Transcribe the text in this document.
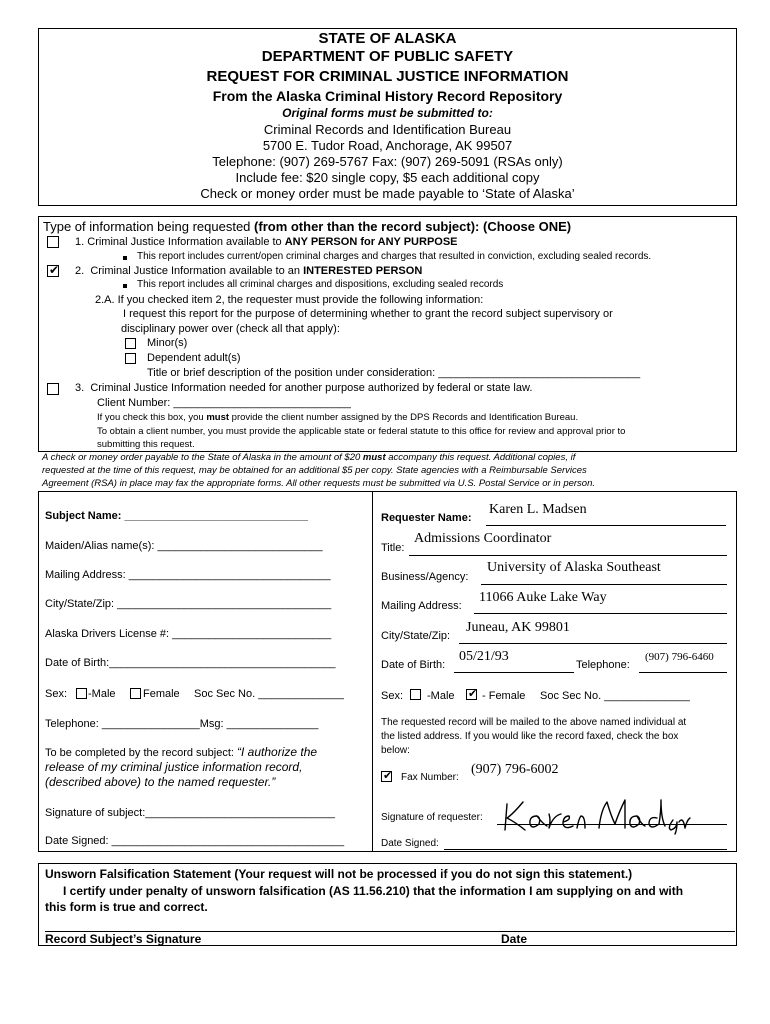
STATE OF ALASKA
DEPARTMENT OF PUBLIC SAFETY
REQUEST FOR CRIMINAL JUSTICE INFORMATION
From the Alaska Criminal History Record Repository
Original forms must be submitted to:
Criminal Records and Identification Bureau
5700 E. Tudor Road, Anchorage, AK 99507
Telephone: (907) 269-5767 Fax: (907) 269-5091 (RSAs only)
Include fee: $20 single copy, $5 each additional copy
Check or money order must be made payable to ‘State of Alaska’
Type of information being requested (from other than the record subject): (Choose ONE)
1. Criminal Justice Information available to ANY PERSON for ANY PURPOSE
This report includes current/open criminal charges and charges that resulted in conviction, excluding sealed records.
✔ 2. Criminal Justice Information available to an INTERESTED PERSON
This report includes all criminal charges and dispositions, excluding sealed records
2.A. If you checked item 2, the requester must provide the following information:
I request this report for the purpose of determining whether to grant the record subject supervisory or
disciplinary power over (check all that apply):
Minor(s)
Dependent adult(s)
Title or brief description of the position under consideration: _________________________________
3. Criminal Justice Information needed for another purpose authorized by federal or state law.
Client Number: _____________________________
If you check this box, you must provide the client number assigned by the DPS Records and Identification Bureau.
To obtain a client number, you must provide the applicable state or federal statute to this office for review and approval prior to
submitting this request.
A check or money order payable to the State of Alaska in the amount of $20 must accompany this request. Additional copies, if
requested at the time of this request, may be obtained for an additional $5 per copy. State agencies with a Reimbursable Services
Agreement (RSA) in place may fax the appropriate forms. All other requests must be submitted via U.S. Postal Service or in person.
Subject Name: ______________________________
Maiden/Alias name(s): ___________________________
Mailing Address: _________________________________
City/State/Zip: ___________________________________
Alaska Drivers License #: __________________________
Date of Birth:_____________________________________
Sex: -Male Female Soc Sec No. ______________
Telephone: ________________Msg: _______________
To be completed by the record subject: “I authorize the
release of my criminal justice information record,
(described above) to the named requester.”
Signature of subject:_______________________________
Date Signed: ______________________________________
Requester Name:
Karen L. Madsen
Title:
Admissions Coordinator
Business/Agency:
University of Alaska Southeast
Mailing Address:
11066 Auke Lake Way
City/State/Zip:
Juneau, AK 99801
Date of Birth:
05/21/93
Telephone:
(907) 796-6460
Sex: -Male ✔ - Female Soc Sec No. ______________
The requested record will be mailed to the above named individual at
the listed address. If you would like the record faxed, check the box
below:
✔ Fax Number:
(907) 796-6002
Signature of requester:
Date Signed:
Unsworn Falsification Statement (Your request will not be processed if you do not sign this statement.)
I certify under penalty of unsworn falsification (AS 11.56.210) that the information I am supplying on and with
this form is true and correct.
Record Subject’s Signature	Date
